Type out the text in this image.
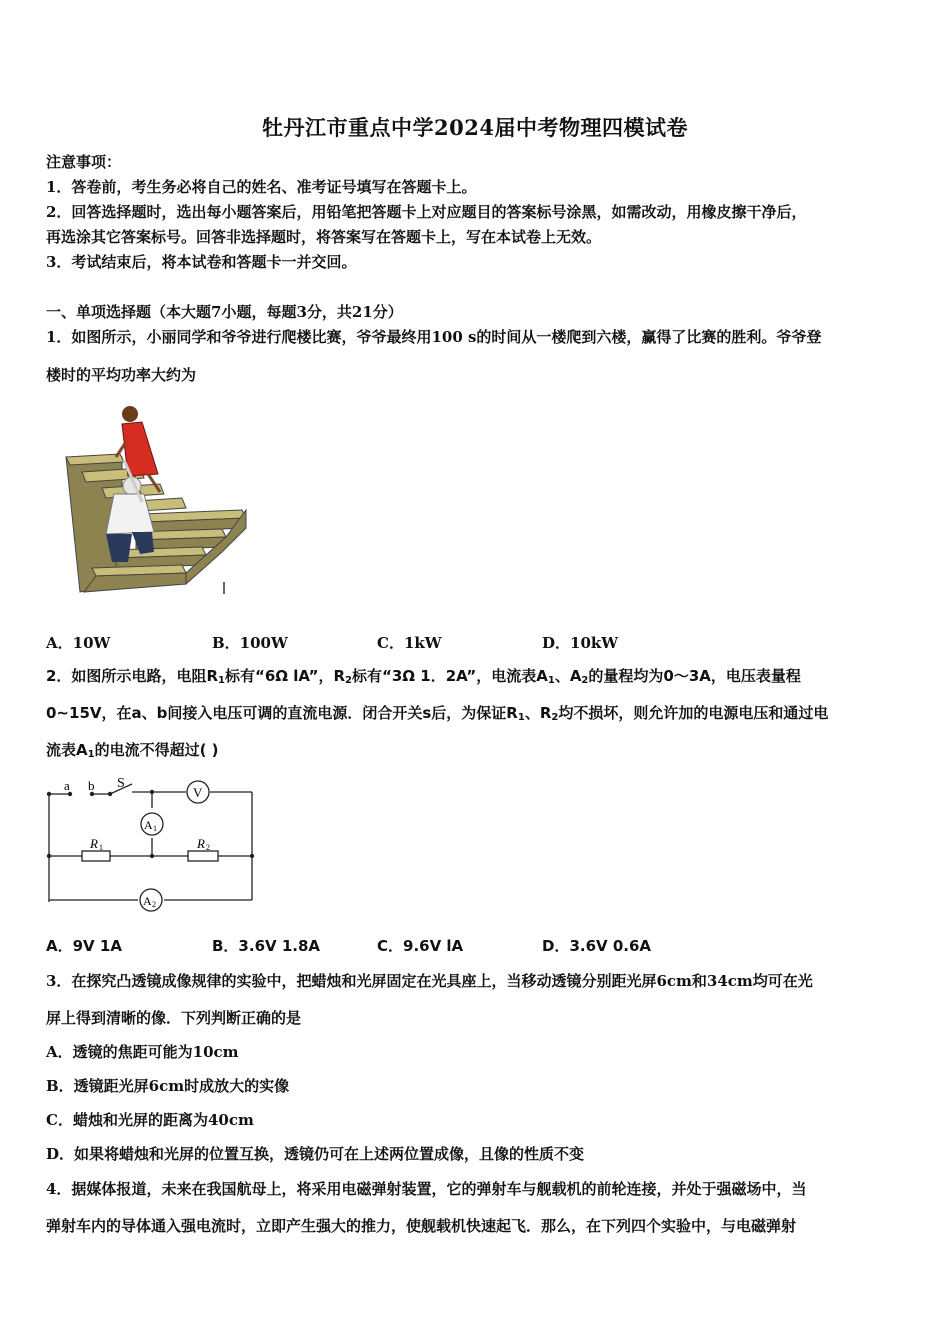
牡丹江市重点中学2024届中考物理四模试卷
注意事项：
1．答卷前，考生务必将自己的姓名、准考证号填写在答题卡上。
2．回答选择题时，选出每小题答案后，用铅笔把答题卡上对应题目的答案标号涂黑，如需改动，用橡皮擦干净后，
再选涂其它答案标号。回答非选择题时，将答案写在答题卡上，写在本试卷上无效。
3．考试结束后，将本试卷和答题卡一并交回。
一、单项选择题（本大题7小题，每题3分，共21分）
1．如图所示，小丽同学和爷爷进行爬楼比赛，爷爷最终用100 s的时间从一楼爬到六楼，赢得了比赛的胜利。爷爷登
楼时的平均功率大约为
A．10W	B．100W	C．1kW	D．10kW
2．如图所示电路，电阻$R_1$标有“6Ω lA”，$R_2$标有“3Ω 1．2A”，电流表$A_1$、$A_2$的量程均为0～3A，电压表量程
0~15V，在a、b间接入电压可调的直流电源．闭合开关s后，为保证$R_1$、$R_2$均不损坏，则允许加的电源电压和通过电
流表$A_1$的电流不得超过( )
a b S
V
A 1
A 2
R 1	R 2
A．9V 1A	B．3.6V 1.8A	C．9.6V lA	D．3.6V 0.6A
3．在探究凸透镜成像规律的实验中，把蜡烛和光屏固定在光具座上，当移动透镜分别距光屏6cm和34cm均可在光
屏上得到清晰的像．下列判断正确的是
A．透镜的焦距可能为10cm
B．透镜距光屏6cm时成放大的实像
C．蜡烛和光屏的距离为40cm
D．如果将蜡烛和光屏的位置互换，透镜仍可在上述两位置成像，且像的性质不变
4．据媒体报道，未来在我国航母上，将采用电磁弹射装置，它的弹射车与舰载机的前轮连接，并处于强磁场中，当
弹射车内的导体通入强电流时，立即产生强大的推力，使舰载机快速起飞．那么，在下列四个实验中，与电磁弹射
